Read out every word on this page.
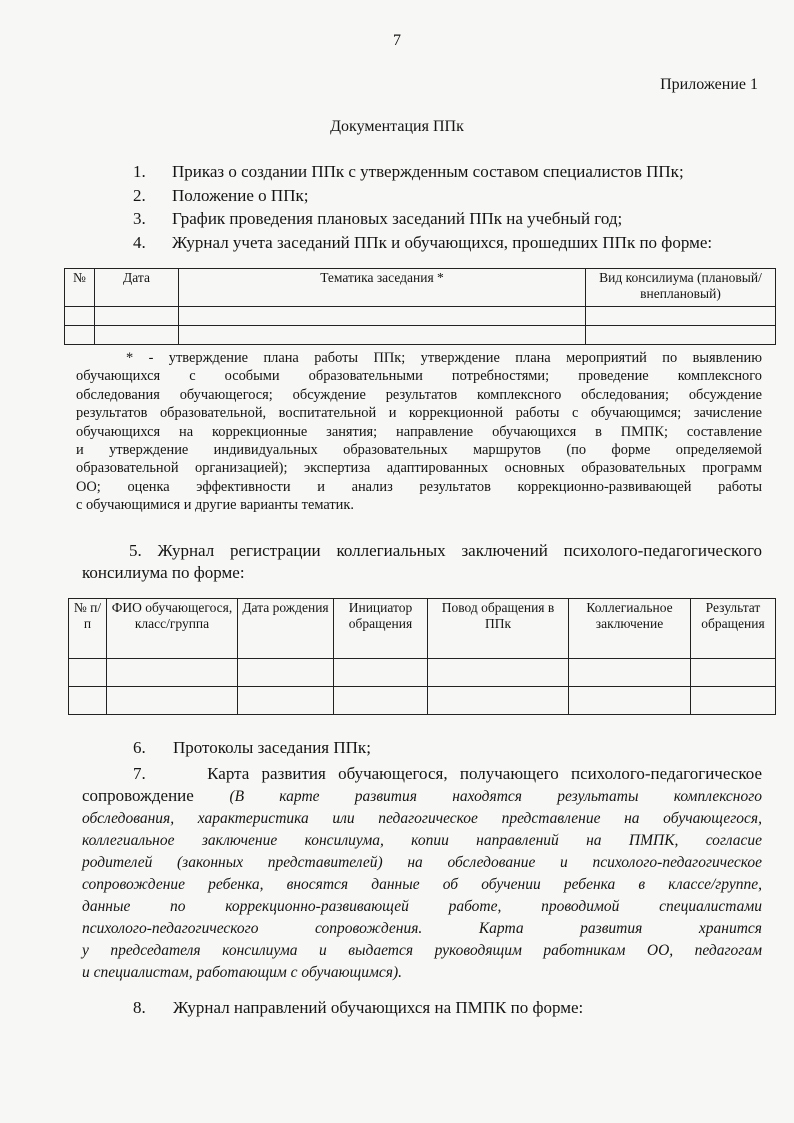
7
Приложение 1
Документация ППк
1.	Приказ о создании ППк с утвержденным составом специалистов ППк;
2.	Положение о ППк;
3.	График проведения плановых заседаний ППк на учебный год;
4.	Журнал учета заседаний ППк и обучающихся, прошедших ППк по форме:
№	Дата	Тематика заседания *	Вид консилиума (плановый/внеплановый)

* - утверждение плана работы ППк; утверждение плана мероприятий по выявлению
обучающихся с особыми образовательными потребностями; проведение комплексного
обследования обучающегося; обсуждение результатов комплексного обследования; обсуждение
результатов образовательной, воспитательной и коррекционной работы с обучающимся; зачисление
обучающихся на коррекционные занятия; направление обучающихся в ПМПК; составление
и утверждение индивидуальных образовательных маршрутов (по форме определяемой
образовательной организацией); экспертиза адаптированных основных образовательных программ
ОО; оценка эффективности и анализ результатов коррекционно-развивающей работы
с обучающимися и другие варианты тематик.
5. Журнал регистрации коллегиальных заключений психолого-педагогического
консилиума по форме:
№ п/п	ФИО обучающегося, класс/группа	Дата рождения	Инициатор обращения	Повод обращения в ППк	Коллегиальное заключение	Результат обращения

6.	Протоколы заседания ППк;
7.     Карта развития обучающегося, получающего психолого-педагогическое
сопровождение (В карте развития находятся результаты комплексного
обследования, характеристика или педагогическое представление на обучающегося,
коллегиальное заключение консилиума, копии направлений на ПМПК, согласие
родителей (законных представителей) на обследование и психолого-педагогическое
сопровождение ребенка, вносятся данные об обучении ребенка в классе/группе,
данные по коррекционно-развивающей работе, проводимой специалистами
психолого-педагогического сопровождения. Карта развития хранится
у председателя консилиума и выдается руководящим работникам ОО, педагогам
и специалистам, работающим с обучающимся).
8.	Журнал направлений обучающихся на ПМПК по форме:
